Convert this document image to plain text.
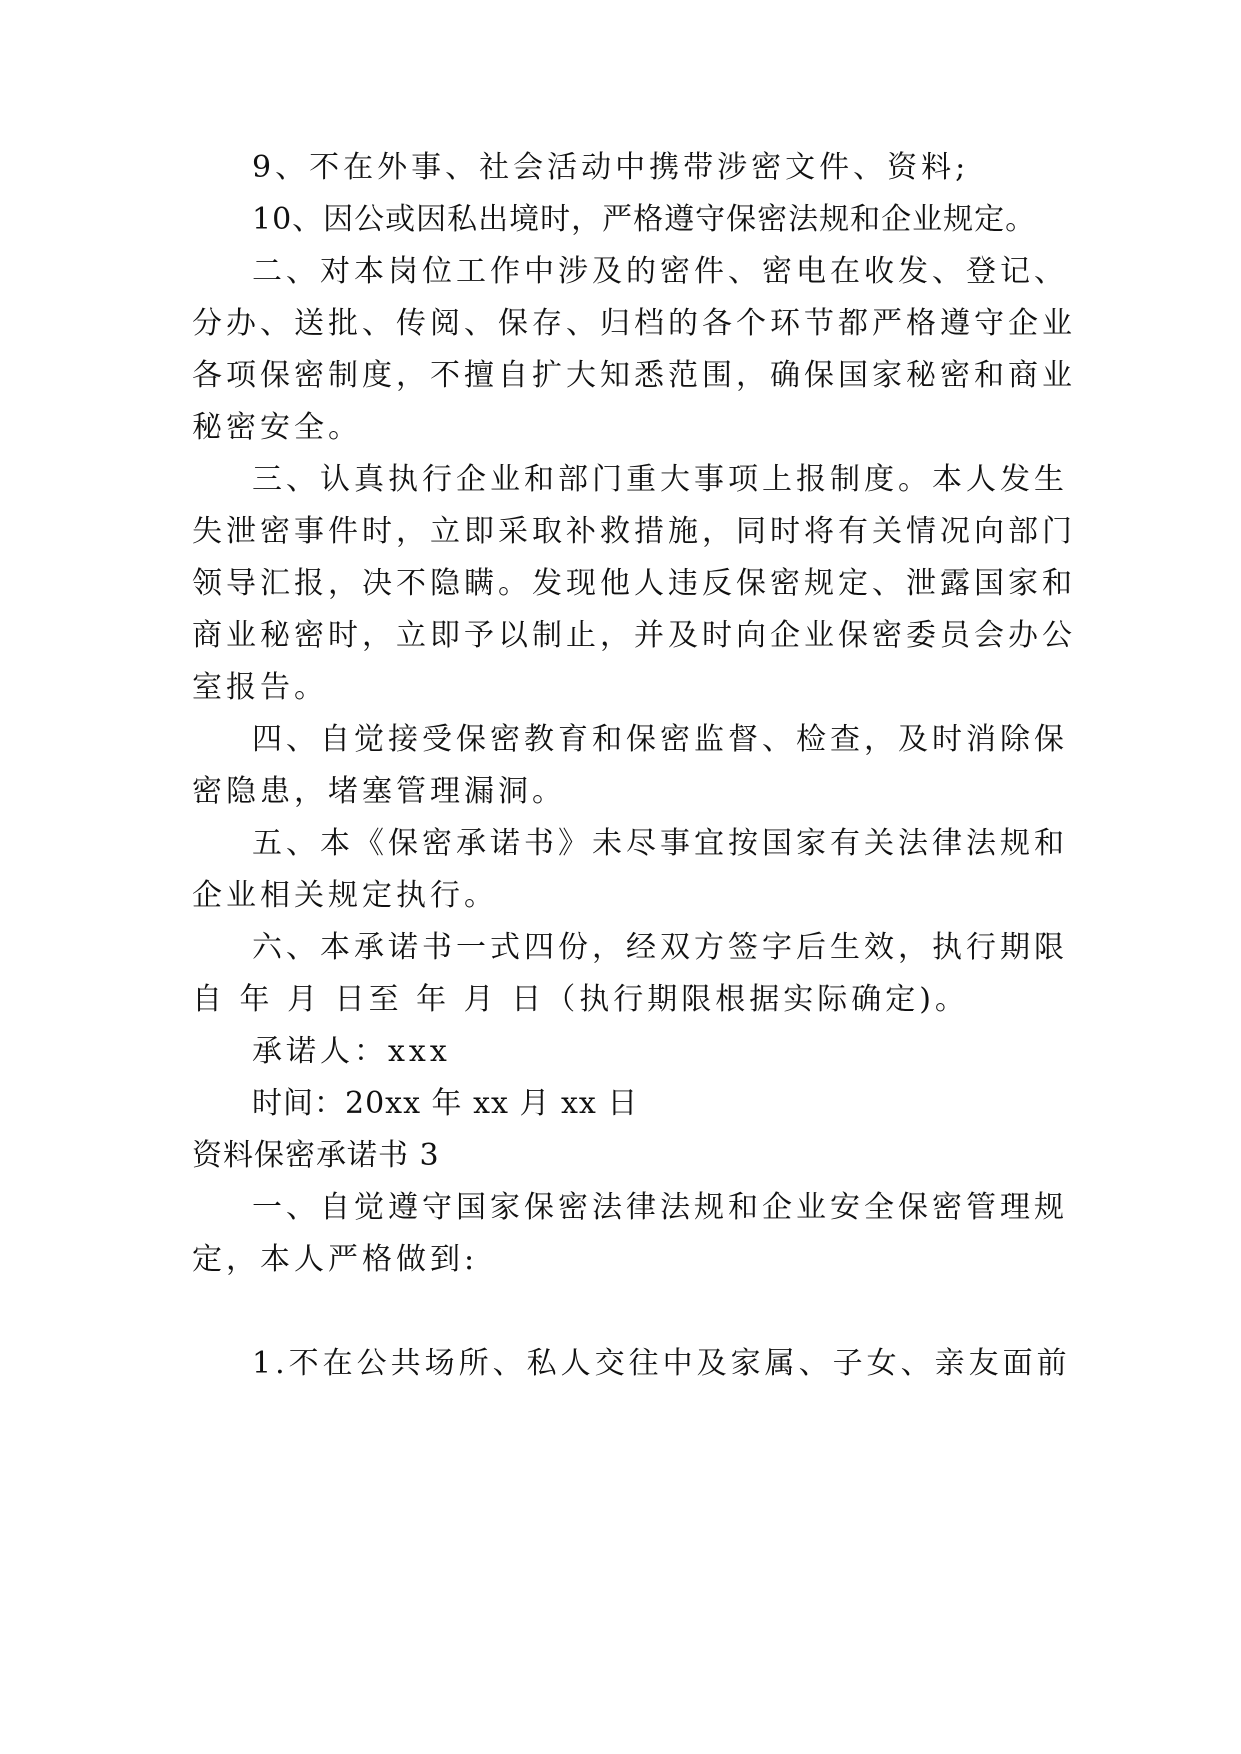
9、不在外事、社会活动中携带涉密文件、资料;
10、因公或因私出境时，严格遵守保密法规和企业规定。
二、对本岗位工作中涉及的密件、密电在收发、登记、
分办、送批、传阅、保存、归档的各个环节都严格遵守企业
各项保密制度，不擅自扩大知悉范围，确保国家秘密和商业
秘密安全。
三、认真执行企业和部门重大事项上报制度。本人发生
失泄密事件时，立即采取补救措施，同时将有关情况向部门
领导汇报，决不隐瞒。发现他人违反保密规定、泄露国家和
商业秘密时，立即予以制止，并及时向企业保密委员会办公
室报告。
四、自觉接受保密教育和保密监督、检查，及时消除保
密隐患，堵塞管理漏洞。
五、本《保密承诺书》未尽事宜按国家有关法律法规和
企业相关规定执行。
六、本承诺书一式四份，经双方签字后生效，执行期限
自 年 月 日至 年 月 日（执行期限根据实际确定)。
承诺人：xxx
时间：20xx 年 xx 月 xx 日
资料保密承诺书 3
一、自觉遵守国家保密法律法规和企业安全保密管理规
定，本人严格做到:
1.不在公共场所、私人交往中及家属、子女、亲友面前
